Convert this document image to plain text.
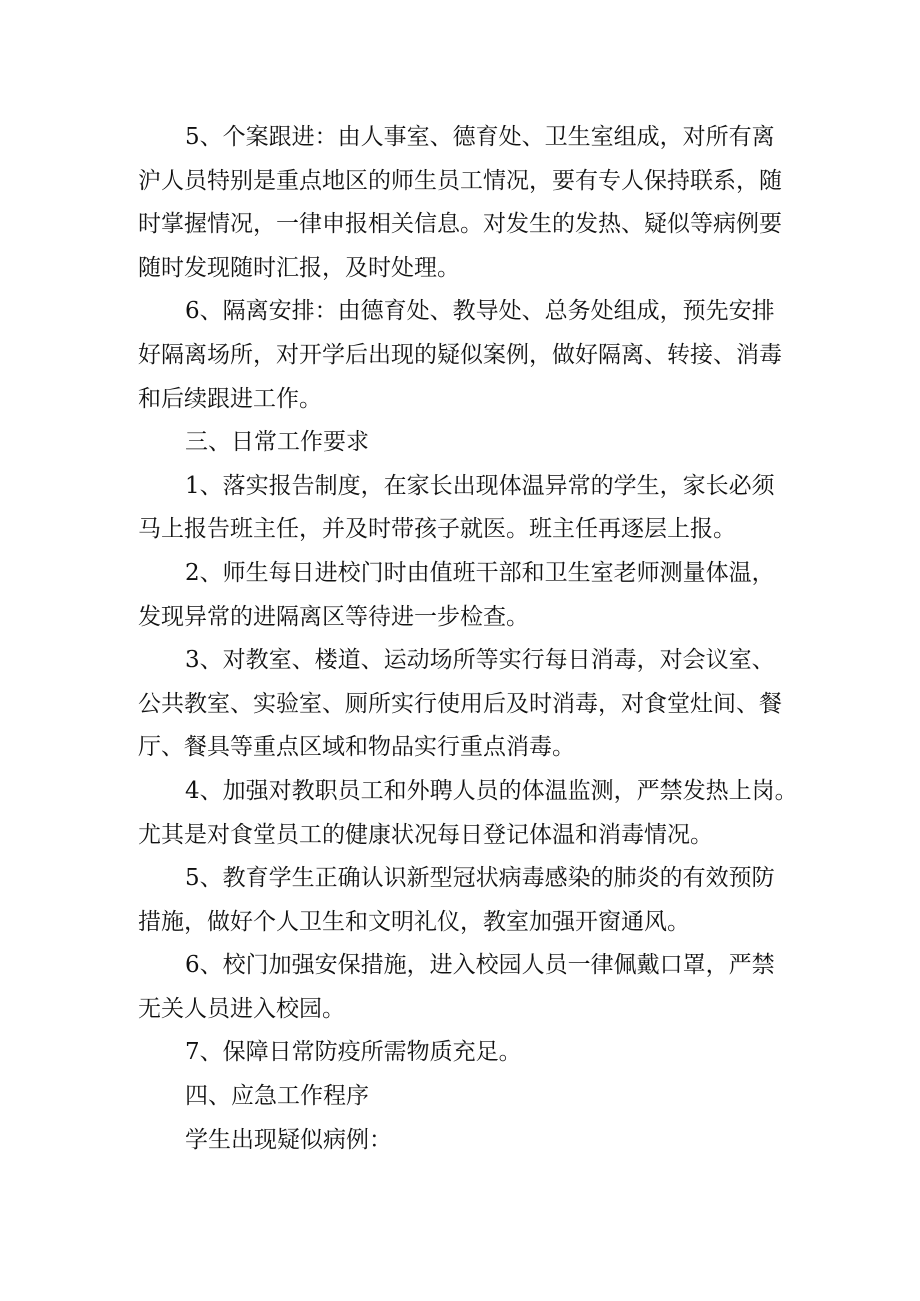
5、个案跟进：由人事室、德育处、卫生室组成，对所有离
沪人员特别是重点地区的师生员工情况，要有专人保持联系，随
时掌握情况，一律申报相关信息。对发生的发热、疑似等病例要
随时发现随时汇报，及时处理。
6、隔离安排：由德育处、教导处、总务处组成，预先安排
好隔离场所，对开学后出现的疑似案例，做好隔离、转接、消毒
和后续跟进工作。
三、日常工作要求
1、落实报告制度，在家长出现体温异常的学生，家长必须
马上报告班主任，并及时带孩子就医。班主任再逐层上报。
2、师生每日进校门时由值班干部和卫生室老师测量体温，
发现异常的进隔离区等待进一步检查。
3、对教室、楼道、运动场所等实行每日消毒，对会议室、
公共教室、实验室、厕所实行使用后及时消毒，对食堂灶间、餐
厅、餐具等重点区域和物品实行重点消毒。
4、加强对教职员工和外聘人员的体温监测，严禁发热上岗。
尤其是对食堂员工的健康状况每日登记体温和消毒情况。
5、教育学生正确认识新型冠状病毒感染的肺炎的有效预防
措施，做好个人卫生和文明礼仪，教室加强开窗通风。
6、校门加强安保措施，进入校园人员一律佩戴口罩，严禁
无关人员进入校园。
7、保障日常防疫所需物质充足。
四、应急工作程序
学生出现疑似病例：
